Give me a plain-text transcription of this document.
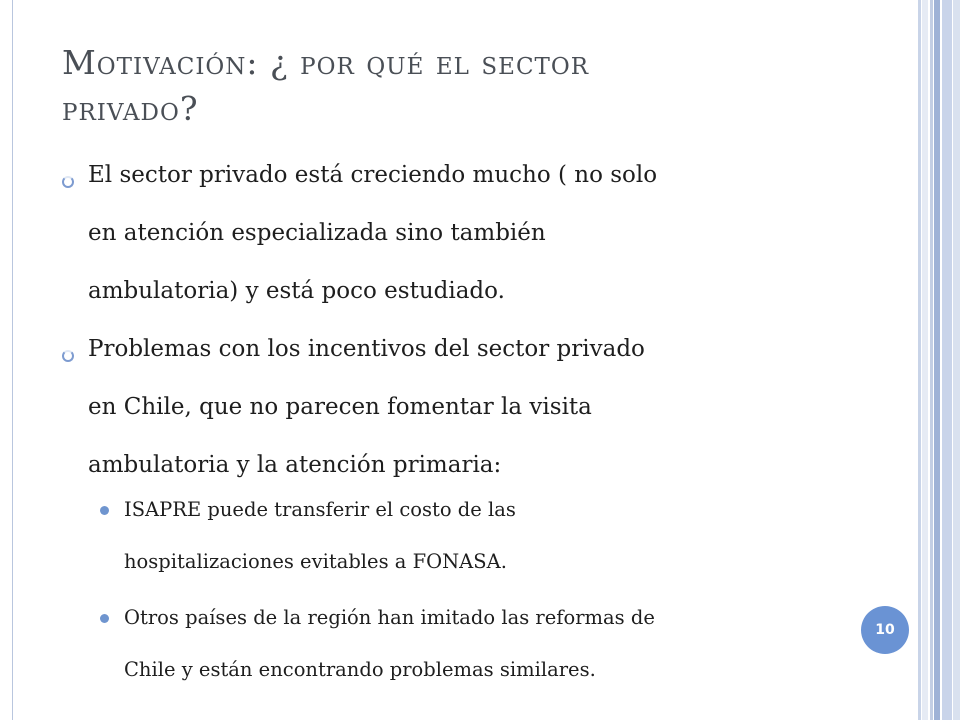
Motivación: ¿ por qué el sector
privado?
El sector privado está creciendo mucho ( no solo
en atención especializada sino también
ambulatoria) y está poco estudiado.
Problemas con los incentivos del sector privado
en Chile, que no parecen fomentar la visita
ambulatoria y la atención primaria:
ISAPRE puede transferir el costo de las
hospitalizaciones evitables a FONASA.
Otros países de la región han imitado las reformas de
Chile y están encontrando problemas similares.
10
